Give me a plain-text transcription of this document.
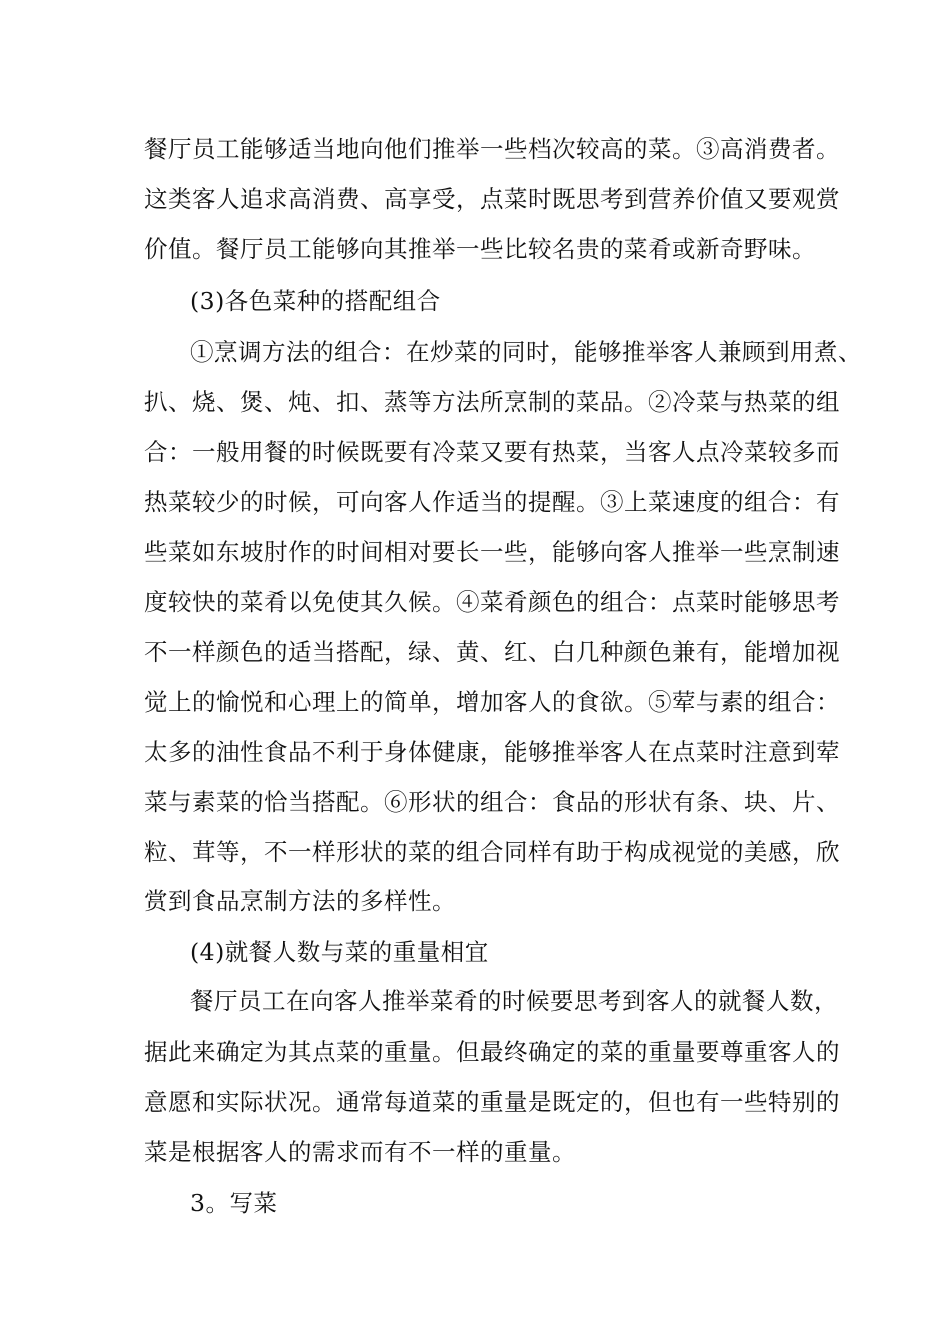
餐厅员工能够适当地向他们推举一些档次较高的菜。③高消费者。
这类客人追求高消费、高享受，点菜时既思考到营养价值又要观赏
价值。餐厅员工能够向其推举一些比较名贵的菜肴或新奇野味。
(3)各色菜种的搭配组合
①烹调方法的组合：在炒菜的同时，能够推举客人兼顾到用煮、
扒、烧、煲、炖、扣、蒸等方法所烹制的菜品。②冷菜与热菜的组
合：一般用餐的时候既要有冷菜又要有热菜，当客人点冷菜较多而
热菜较少的时候，可向客人作适当的提醒。③上菜速度的组合：有
些菜如东坡肘作的时间相对要长一些，能够向客人推举一些烹制速
度较快的菜肴以免使其久候。④菜肴颜色的组合：点菜时能够思考
不一样颜色的适当搭配，绿、黄、红、白几种颜色兼有，能增加视
觉上的愉悦和心理上的简单，增加客人的食欲。⑤荤与素的组合：
太多的油性食品不利于身体健康，能够推举客人在点菜时注意到荤
菜与素菜的恰当搭配。⑥形状的组合：食品的形状有条、块、片、
粒、茸等，不一样形状的菜的组合同样有助于构成视觉的美感，欣
赏到食品烹制方法的多样性。
(4)就餐人数与菜的重量相宜
餐厅员工在向客人推举菜肴的时候要思考到客人的就餐人数，
据此来确定为其点菜的重量。但最终确定的菜的重量要尊重客人的
意愿和实际状况。通常每道菜的重量是既定的，但也有一些特别的
菜是根据客人的需求而有不一样的重量。
3。写菜
